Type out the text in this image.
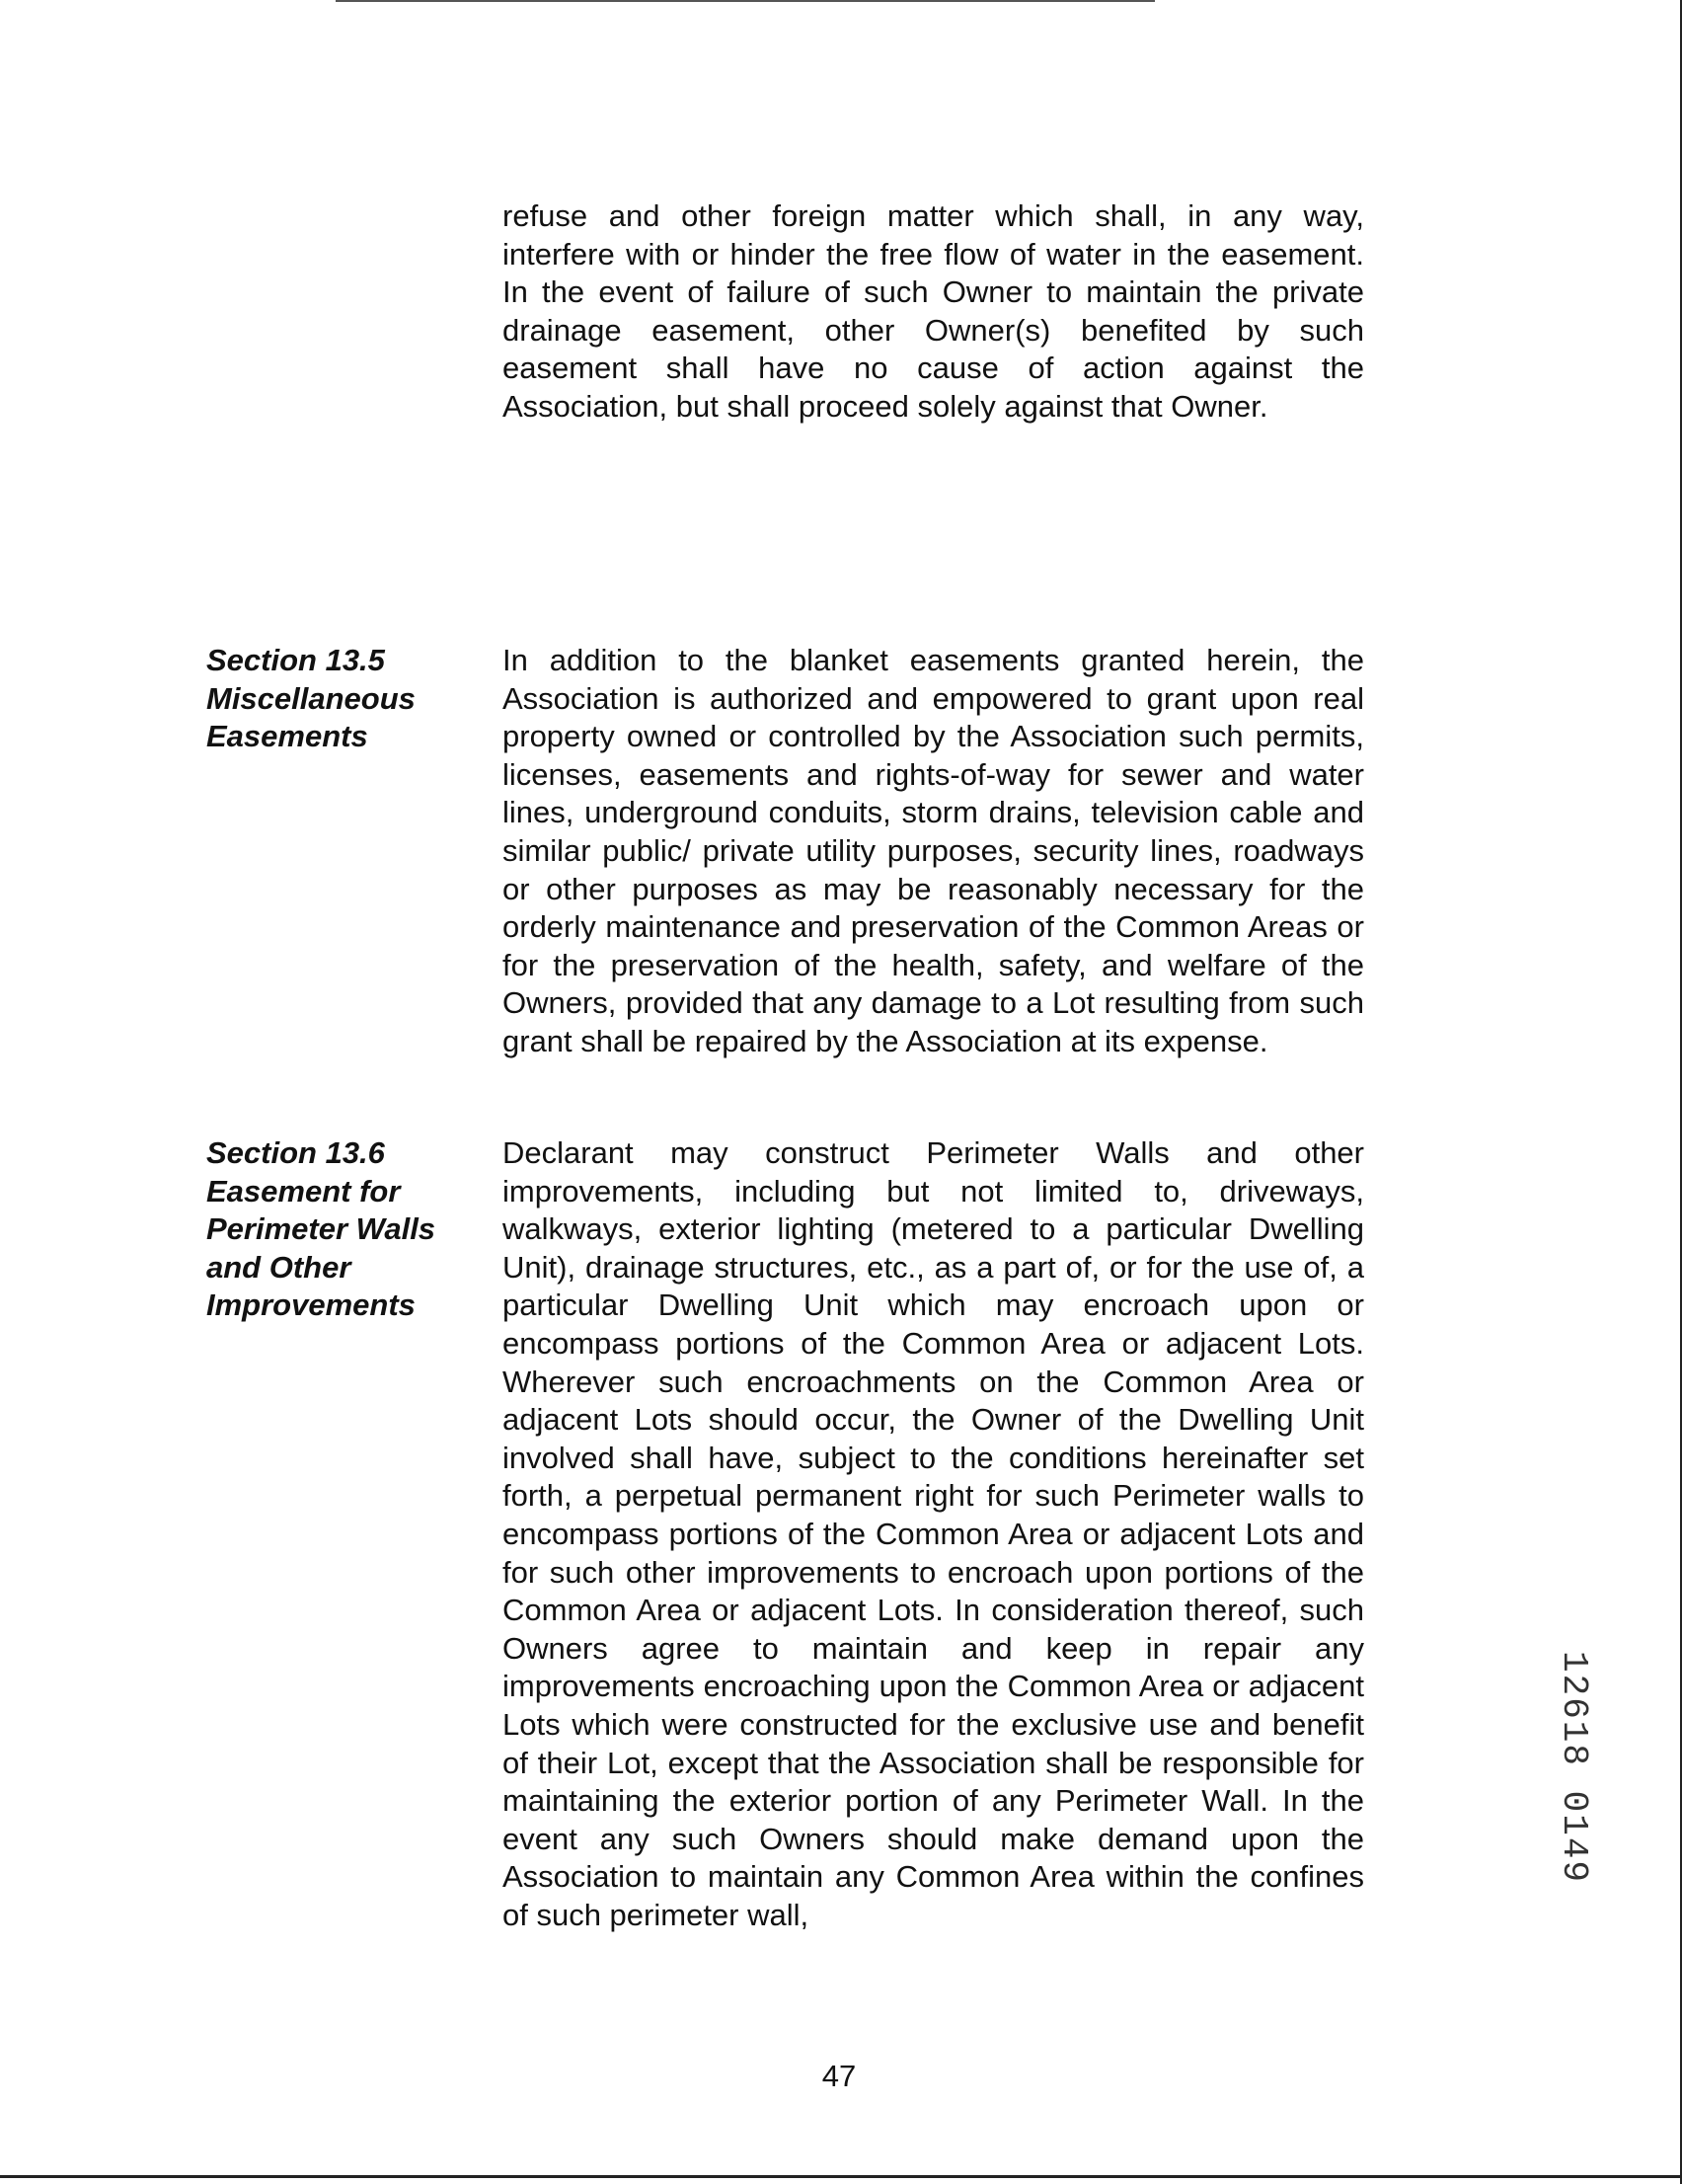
refuse and other foreign matter which shall, in any way, interfere with or hinder the free flow of water in the easement. In the event of failure of such Owner to maintain the private drainage easement, other Owner(s) benefited by such easement shall have no cause of action against the Association, but shall proceed solely against that Owner.

Section 13.5
Miscellaneous
Easements

In addition to the blanket easements granted herein, the Association is authorized and empowered to grant upon real property owned or controlled by the Association such permits, licenses, easements and rights-of-way for sewer and water lines, underground conduits, storm drains, television cable and similar public/ private utility purposes, security lines, roadways or other purposes as may be reasonably necessary for the orderly maintenance and preservation of the Common Areas or for the preservation of the health, safety, and welfare of the Owners, provided that any damage to a Lot resulting from such grant shall be repaired by the Association at its expense.

Section 13.6
Easement for
Perimeter Walls
and Other
Improvements

Declarant may construct Perimeter Walls and other improvements, including but not limited to, driveways, walkways, exterior lighting (metered to a particular Dwelling Unit), drainage structures, etc., as a part of, or for the use of, a particular Dwelling Unit which may encroach upon or encompass portions of the Common Area or adjacent Lots. Wherever such encroachments on the Common Area or adjacent Lots should occur, the Owner of the Dwelling Unit involved shall have, subject to the conditions hereinafter set forth, a perpetual permanent right for such Perimeter walls to encompass portions of the Common Area or adjacent Lots and for such other improvements to encroach upon portions of the Common Area or adjacent Lots. In consideration thereof, such Owners agree to maintain and keep in repair any improvements encroaching upon the Common Area or adjacent Lots which were constructed for the exclusive use and benefit of their Lot, except that the Association shall be responsible for maintaining the exterior portion of any Perimeter Wall. In the event any such Owners should make demand upon the Association to maintain any Common Area within the confines of such perimeter wall,

47
12618 0149
